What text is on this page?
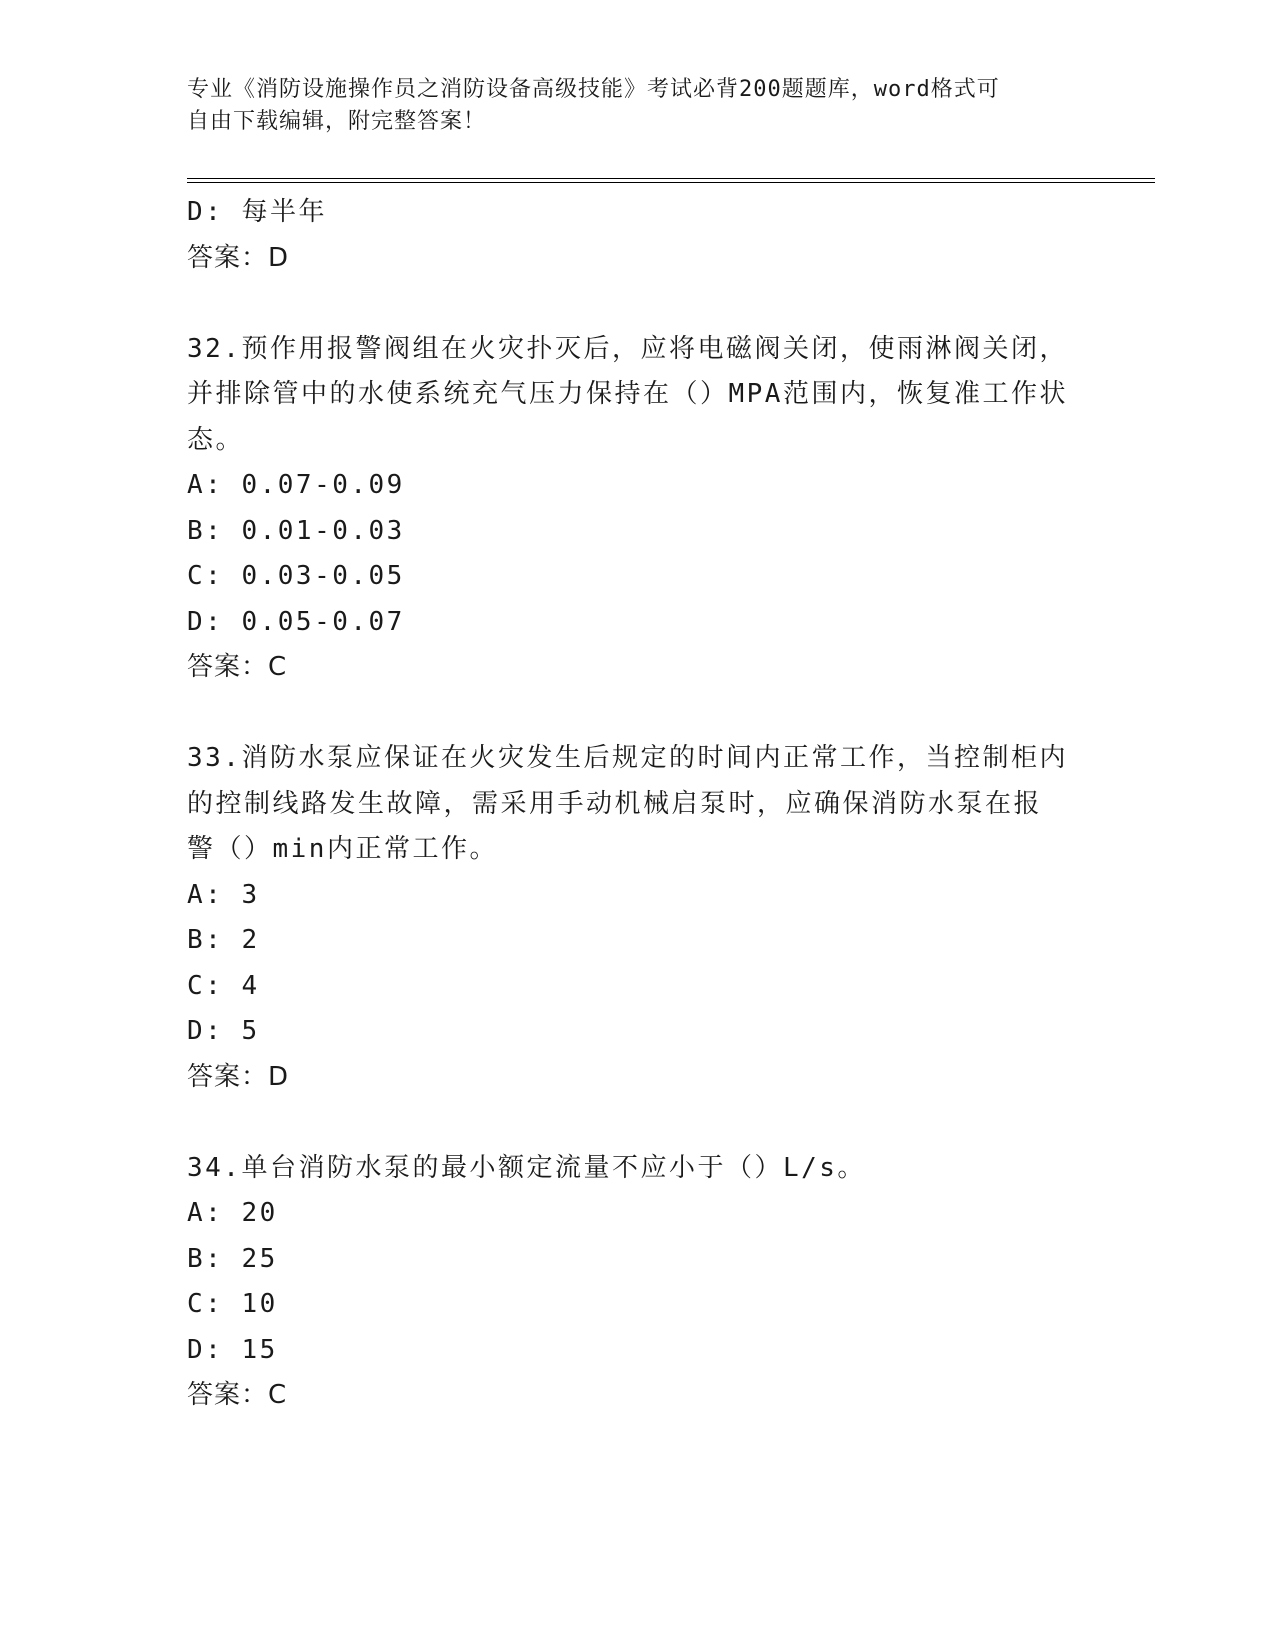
专业《消防设施操作员之消防设备高级技能》考试必背200题题库，word格式可
自由下载编辑，附完整答案！
D: 每半年
答案：D
32.预作用报警阀组在火灾扑灭后，应将电磁阀关闭，使雨淋阀关闭，
并排除管中的水使系统充气压力保持在（）MPA范围内，恢复准工作状
态。
A: 0.07-0.09
B: 0.01-0.03
C: 0.03-0.05
D: 0.05-0.07
答案：C
33.消防水泵应保证在火灾发生后规定的时间内正常工作，当控制柜内
的控制线路发生故障，需采用手动机械启泵时，应确保消防水泵在报
警（）min内正常工作。
A: 3
B: 2
C: 4
D: 5
答案：D
34.单台消防水泵的最小额定流量不应小于（）L/s。
A: 20
B: 25
C: 10
D: 15
答案：C
